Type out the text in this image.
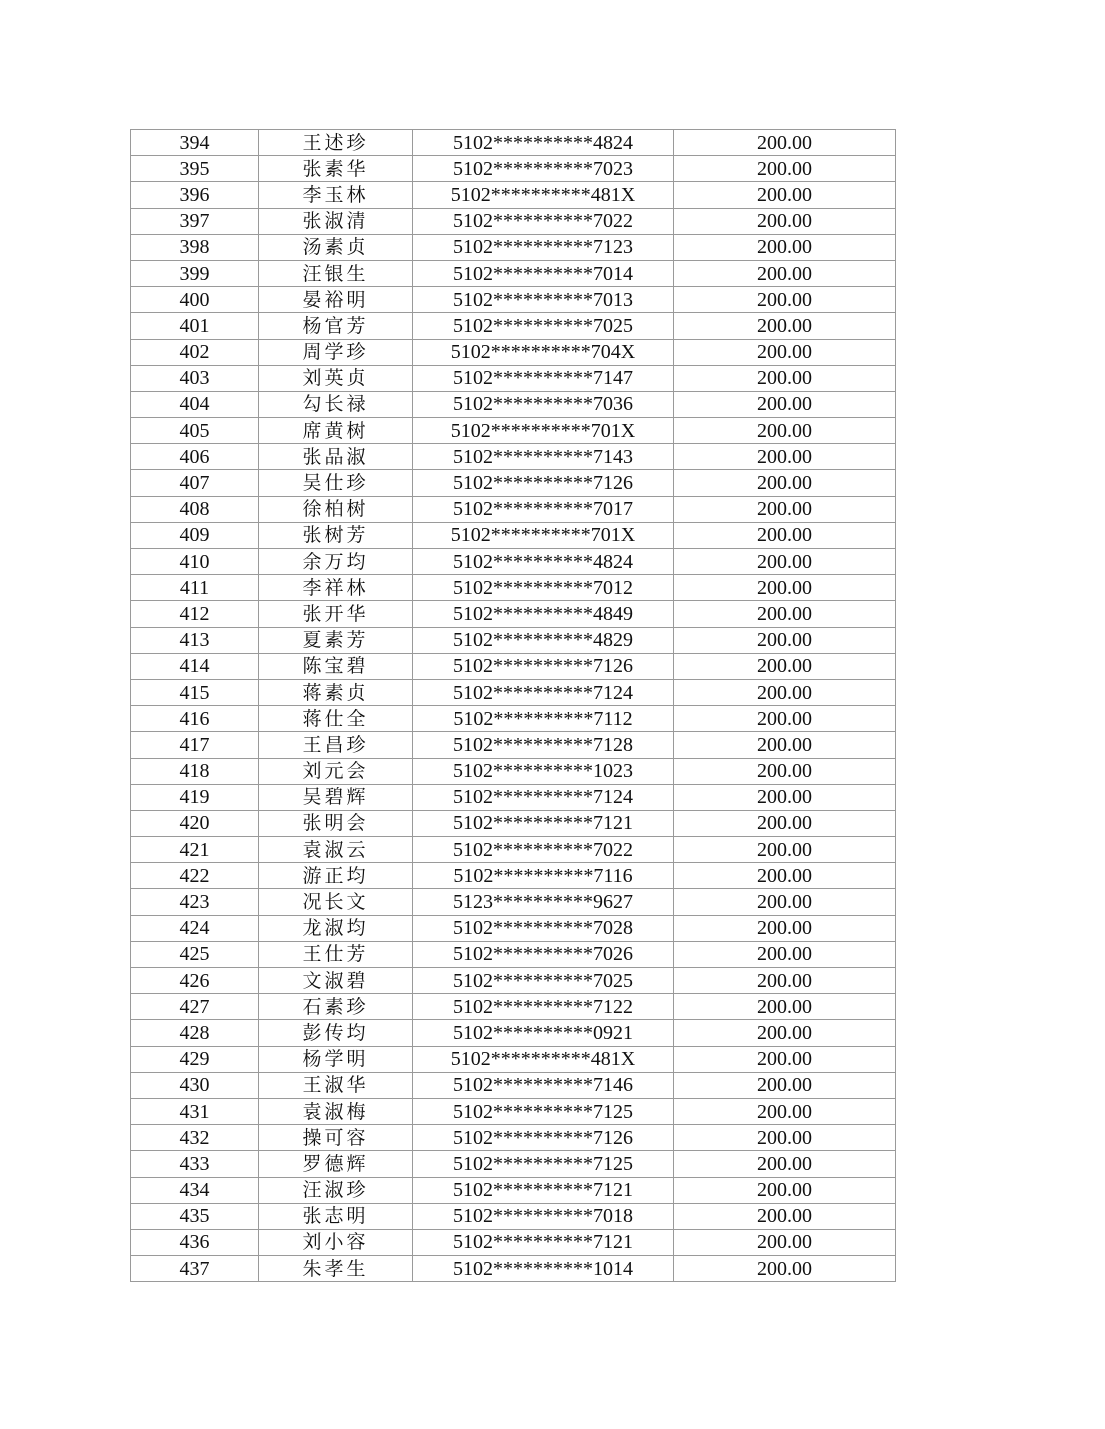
394	王述珍	5102**********4824	200.00
395	张素华	5102**********7023	200.00
396	李玉林	5102**********481X	200.00
397	张淑清	5102**********7022	200.00
398	汤素贞	5102**********7123	200.00
399	汪银生	5102**********7014	200.00
400	晏裕明	5102**********7013	200.00
401	杨官芳	5102**********7025	200.00
402	周学珍	5102**********704X	200.00
403	刘英贞	5102**********7147	200.00
404	勾长禄	5102**********7036	200.00
405	席黄树	5102**********701X	200.00
406	张品淑	5102**********7143	200.00
407	吴仕珍	5102**********7126	200.00
408	徐柏树	5102**********7017	200.00
409	张树芳	5102**********701X	200.00
410	余万均	5102**********4824	200.00
411	李祥林	5102**********7012	200.00
412	张开华	5102**********4849	200.00
413	夏素芳	5102**********4829	200.00
414	陈宝碧	5102**********7126	200.00
415	蒋素贞	5102**********7124	200.00
416	蒋仕全	5102**********7112	200.00
417	王昌珍	5102**********7128	200.00
418	刘元会	5102**********1023	200.00
419	吴碧辉	5102**********7124	200.00
420	张明会	5102**********7121	200.00
421	袁淑云	5102**********7022	200.00
422	游正均	5102**********7116	200.00
423	况长文	5123**********9627	200.00
424	龙淑均	5102**********7028	200.00
425	王仕芳	5102**********7026	200.00
426	文淑碧	5102**********7025	200.00
427	石素珍	5102**********7122	200.00
428	彭传均	5102**********0921	200.00
429	杨学明	5102**********481X	200.00
430	王淑华	5102**********7146	200.00
431	袁淑梅	5102**********7125	200.00
432	操可容	5102**********7126	200.00
433	罗德辉	5102**********7125	200.00
434	汪淑珍	5102**********7121	200.00
435	张志明	5102**********7018	200.00
436	刘小容	5102**********7121	200.00
437	朱孝生	5102**********1014	200.00
